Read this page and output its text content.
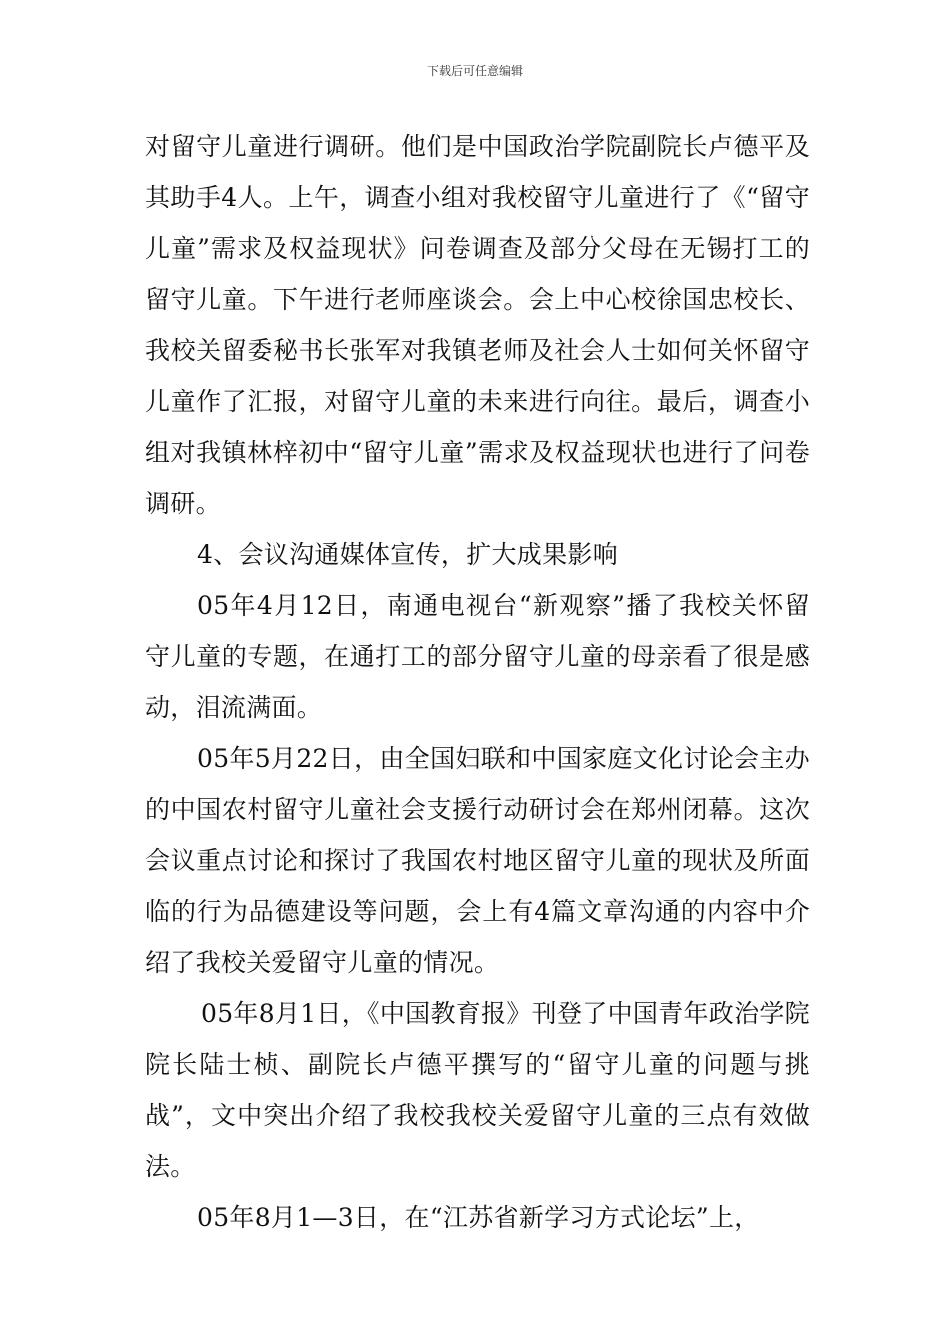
下载后可任意编辑

对留守儿童进行调研。他们是中国政治学院副院长卢德平及其助手4人。上午，调查小组对我校留守儿童进行了《“留守儿童”需求及权益现状》问卷调查及部分父母在无锡打工的留守儿童。下午进行老师座谈会。会上中心校徐国忠校长、我校关留委秘书长张军对我镇老师及社会人士如何关怀留守儿童作了汇报，对留守儿童的未来进行向往。最后，调查小组对我镇林梓初中“留守儿童”需求及权益现状也进行了问卷调研。

4、会议沟通媒体宣传，扩大成果影响

05年4月12日，南通电视台“新观察”播了我校关怀留守儿童的专题，在通打工的部分留守儿童的母亲看了很是感动，泪流满面。

05年5月22日，由全国妇联和中国家庭文化讨论会主办的中国农村留守儿童社会支援行动研讨会在郑州闭幕。这次会议重点讨论和探讨了我国农村地区留守儿童的现状及所面临的行为品德建设等问题，会上有4篇文章沟通的内容中介绍了我校关爱留守儿童的情况。

05年8月1日，《中国教育报》刊登了中国青年政治学院院长陆士桢、副院长卢德平撰写的“留守儿童的问题与挑战”，文中突出介绍了我校我校关爱留守儿童的三点有效做法。

05年8月1—3日，在“江苏省新学习方式论坛”上，
